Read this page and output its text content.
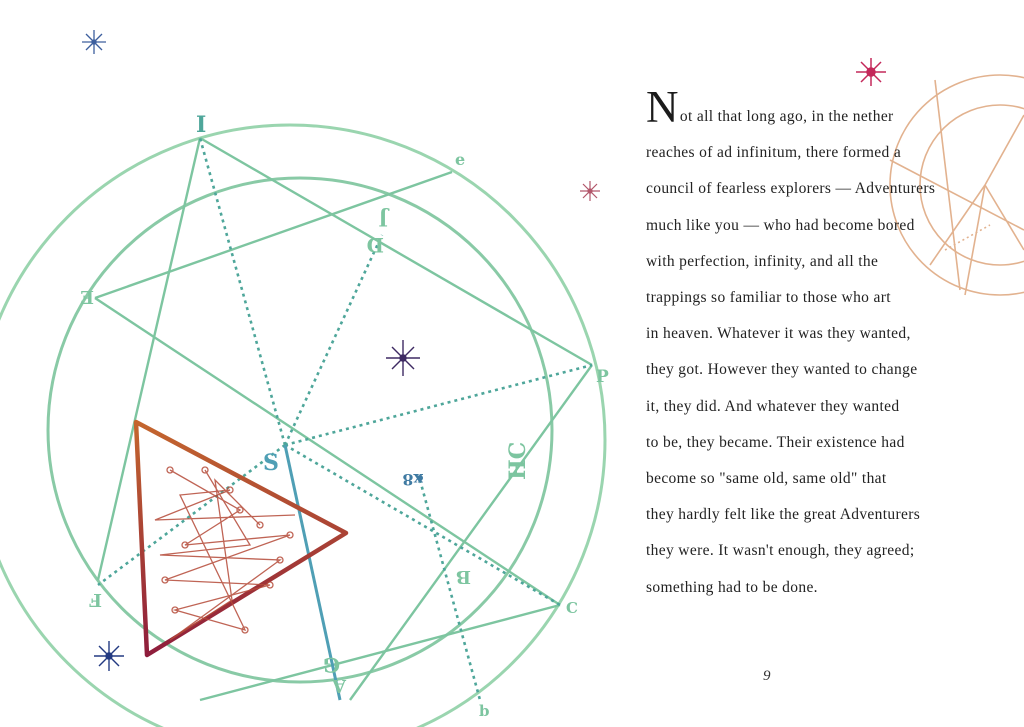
I
e
E
J
D
S
P
HC
x8
B
C
F
G
A
b
Not all that long ago, in the nether
reaches of ad infinitum, there formed a
council of fearless explorers — Adventurers
much like you — who had become bored
with perfection, infinity, and all the
trappings so familiar to those who art
in heaven. Whatever it was they wanted,
they got. However they wanted to change
it, they did. And whatever they wanted
to be, they became. Their existence had
become so "same old, same old" that
they hardly felt like the great Adventurers
they were. It wasn't enough, they agreed;
something had to be done.
9
